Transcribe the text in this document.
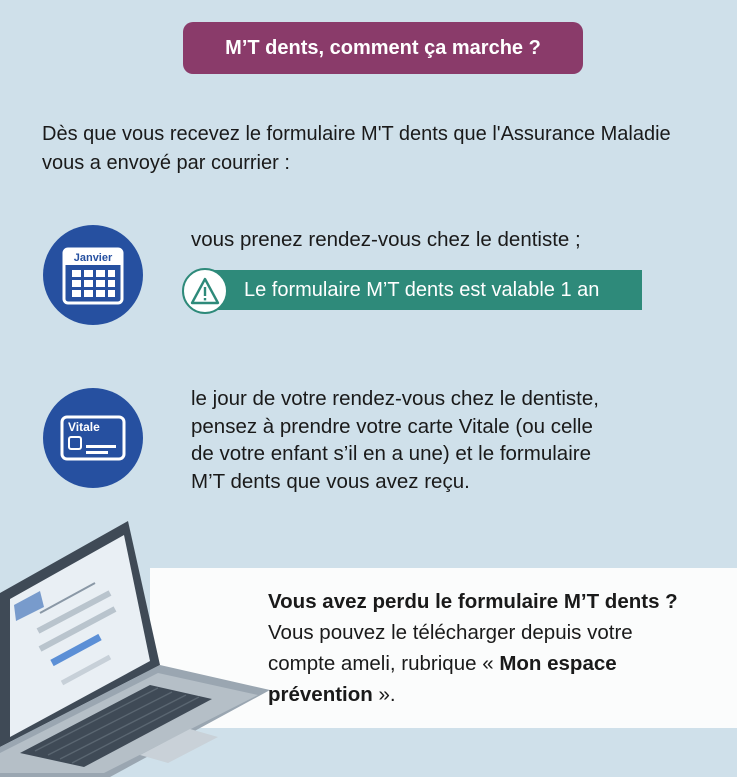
M’T dents, comment ça marche ?
Dès que vous recevez le formulaire M'T dents que l'Assurance Maladie vous a envoyé par courrier :
Janvier
vous prenez rendez-vous chez le dentiste ;
Le formulaire M’T dents est valable 1 an
Vitale
le jour de votre rendez-vous chez le dentiste,
pensez à prendre votre carte Vitale (ou celle
de votre enfant s’il en a une) et le formulaire
M’T dents que vous avez reçu.
Vous avez perdu le formulaire M’T dents ?
Vous pouvez le télécharger depuis votre
compte ameli, rubrique « Mon espace
prévention ».
